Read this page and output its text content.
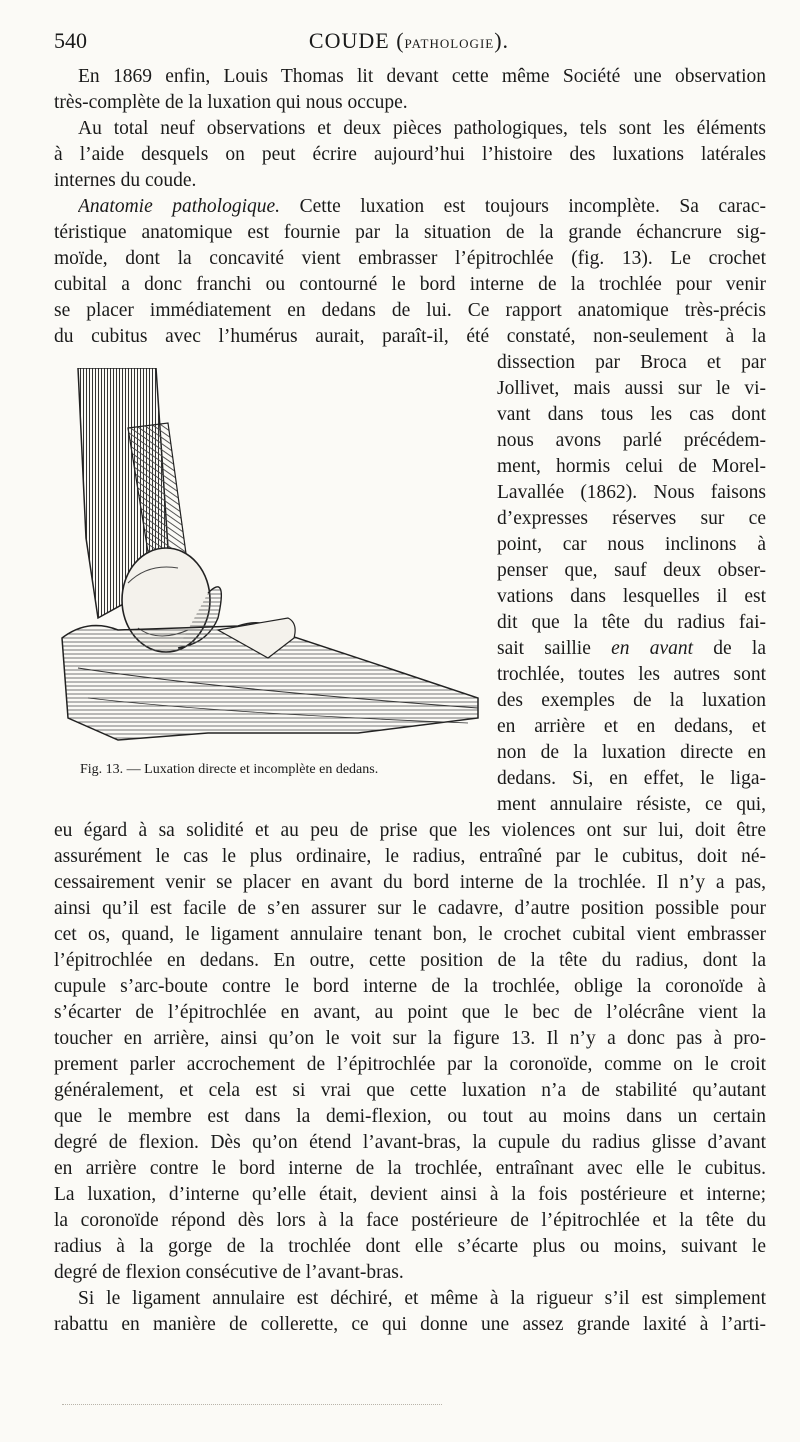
540	COUDE (PATHOLOGIE).
En 1869 enfin, Louis Thomas lit devant cette même Société une observation
très-complète de la luxation qui nous occupe.
Au total neuf observations et deux pièces pathologiques, tels sont les éléments
à l’aide desquels on peut écrire aujourd’hui l’histoire des luxations latérales
internes du coude.
Anatomie pathologique. Cette luxation est toujours incomplète. Sa carac-
téristique anatomique est fournie par la situation de la grande échancrure sig-
moïde, dont la concavité vient embrasser l’épitrochlée (fig. 13). Le crochet
cubital a donc franchi ou contourné le bord interne de la trochlée pour venir
se placer immédiatement en dedans de lui. Ce rapport anatomique très-précis
du cubitus avec l’humérus aurait, paraît-il, été constaté, non-seulement à la
Fig. 13. — Luxation directe et incomplète en dedans.
dissection par Broca et par
Jollivet, mais aussi sur le vi-
vant dans tous les cas dont
nous avons parlé précédem-
ment, hormis celui de Morel-
Lavallée (1862). Nous faisons
d’expresses réserves sur ce
point, car nous inclinons à
penser que, sauf deux obser-
vations dans lesquelles il est
dit que la tête du radius fai-
sait saillie en avant de la
trochlée, toutes les autres sont
des exemples de la luxation
en arrière et en dedans, et
non de la luxation directe en
dedans. Si, en effet, le liga-
ment annulaire résiste, ce qui,
eu égard à sa solidité et au peu de prise que les violences ont sur lui, doit être
assurément le cas le plus ordinaire, le radius, entraîné par le cubitus, doit né-
cessairement venir se placer en avant du bord interne de la trochlée. Il n’y a pas,
ainsi qu’il est facile de s’en assurer sur le cadavre, d’autre position possible pour
cet os, quand, le ligament annulaire tenant bon, le crochet cubital vient embrasser
l’épitrochlée en dedans. En outre, cette position de la tête du radius, dont la
cupule s’arc-boute contre le bord interne de la trochlée, oblige la coronoïde à
s’écarter de l’épitrochlée en avant, au point que le bec de l’olécrâne vient la
toucher en arrière, ainsi qu’on le voit sur la figure 13. Il n’y a donc pas à pro-
prement parler accrochement de l’épitrochlée par la coronoïde, comme on le croit
généralement, et cela est si vrai que cette luxation n’a de stabilité qu’autant
que le membre est dans la demi-flexion, ou tout au moins dans un certain
degré de flexion. Dès qu’on étend l’avant-bras, la cupule du radius glisse d’avant
en arrière contre le bord interne de la trochlée, entraînant avec elle le cubitus.
La luxation, d’interne qu’elle était, devient ainsi à la fois postérieure et interne;
la coronoïde répond dès lors à la face postérieure de l’épitrochlée et la tête du
radius à la gorge de la trochlée dont elle s’écarte plus ou moins, suivant le
degré de flexion consécutive de l’avant-bras.
Si le ligament annulaire est déchiré, et même à la rigueur s’il est simplement
rabattu en manière de collerette, ce qui donne une assez grande laxité à l’arti-
